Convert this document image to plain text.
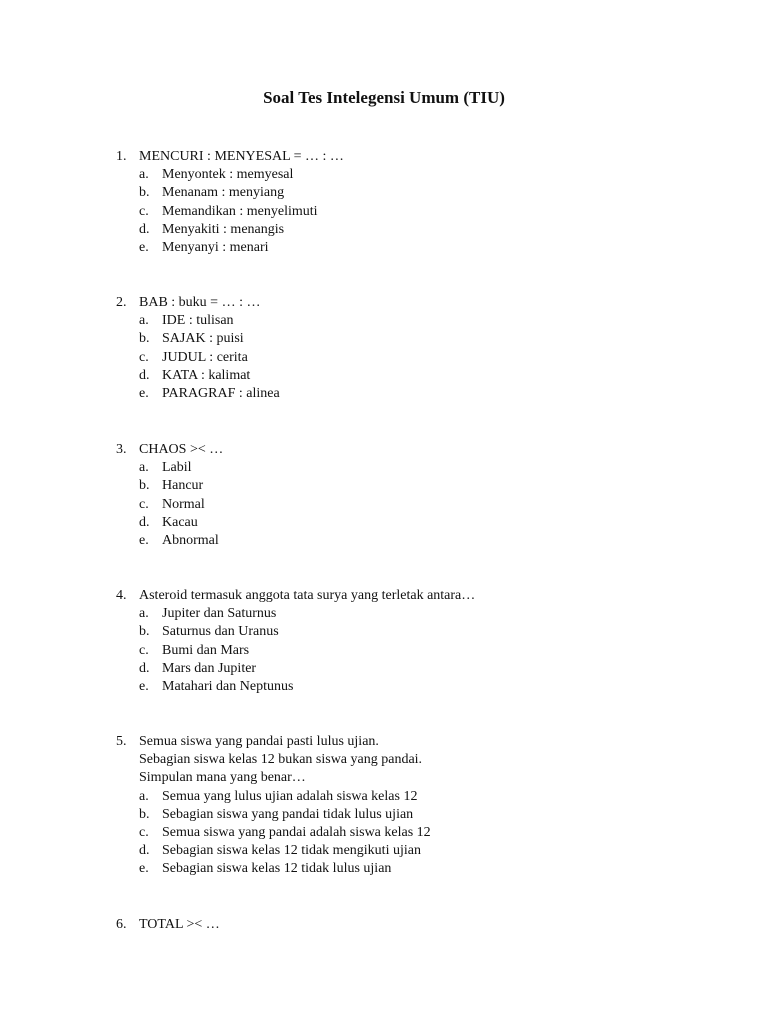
Soal Tes Intelegensi Umum (TIU)
1. MENCURI : MENYESAL = … : …
a. Menyontek : memyesal
b. Menanam : menyiang
c. Memandikan : menyelimuti
d. Menyakiti : menangis
e. Menyanyi : menari
2. BAB : buku = … : …
a. IDE : tulisan
b. SAJAK : puisi
c. JUDUL : cerita
d. KATA : kalimat
e. PARAGRAF : alinea
3. CHAOS >< …
a. Labil
b. Hancur
c. Normal
d. Kacau
e. Abnormal
4. Asteroid termasuk anggota tata surya yang terletak antara…
a. Jupiter dan Saturnus
b. Saturnus dan Uranus
c. Bumi dan Mars
d. Mars dan Jupiter
e. Matahari dan Neptunus
5. Semua siswa yang pandai pasti lulus ujian.
Sebagian siswa kelas 12 bukan siswa yang pandai.
Simpulan mana yang benar…
a. Semua yang lulus ujian adalah siswa kelas 12
b. Sebagian siswa yang pandai tidak lulus ujian
c. Semua siswa yang pandai adalah siswa kelas 12
d. Sebagian siswa kelas 12 tidak mengikuti ujian
e. Sebagian siswa kelas 12 tidak lulus ujian
6. TOTAL >< …
